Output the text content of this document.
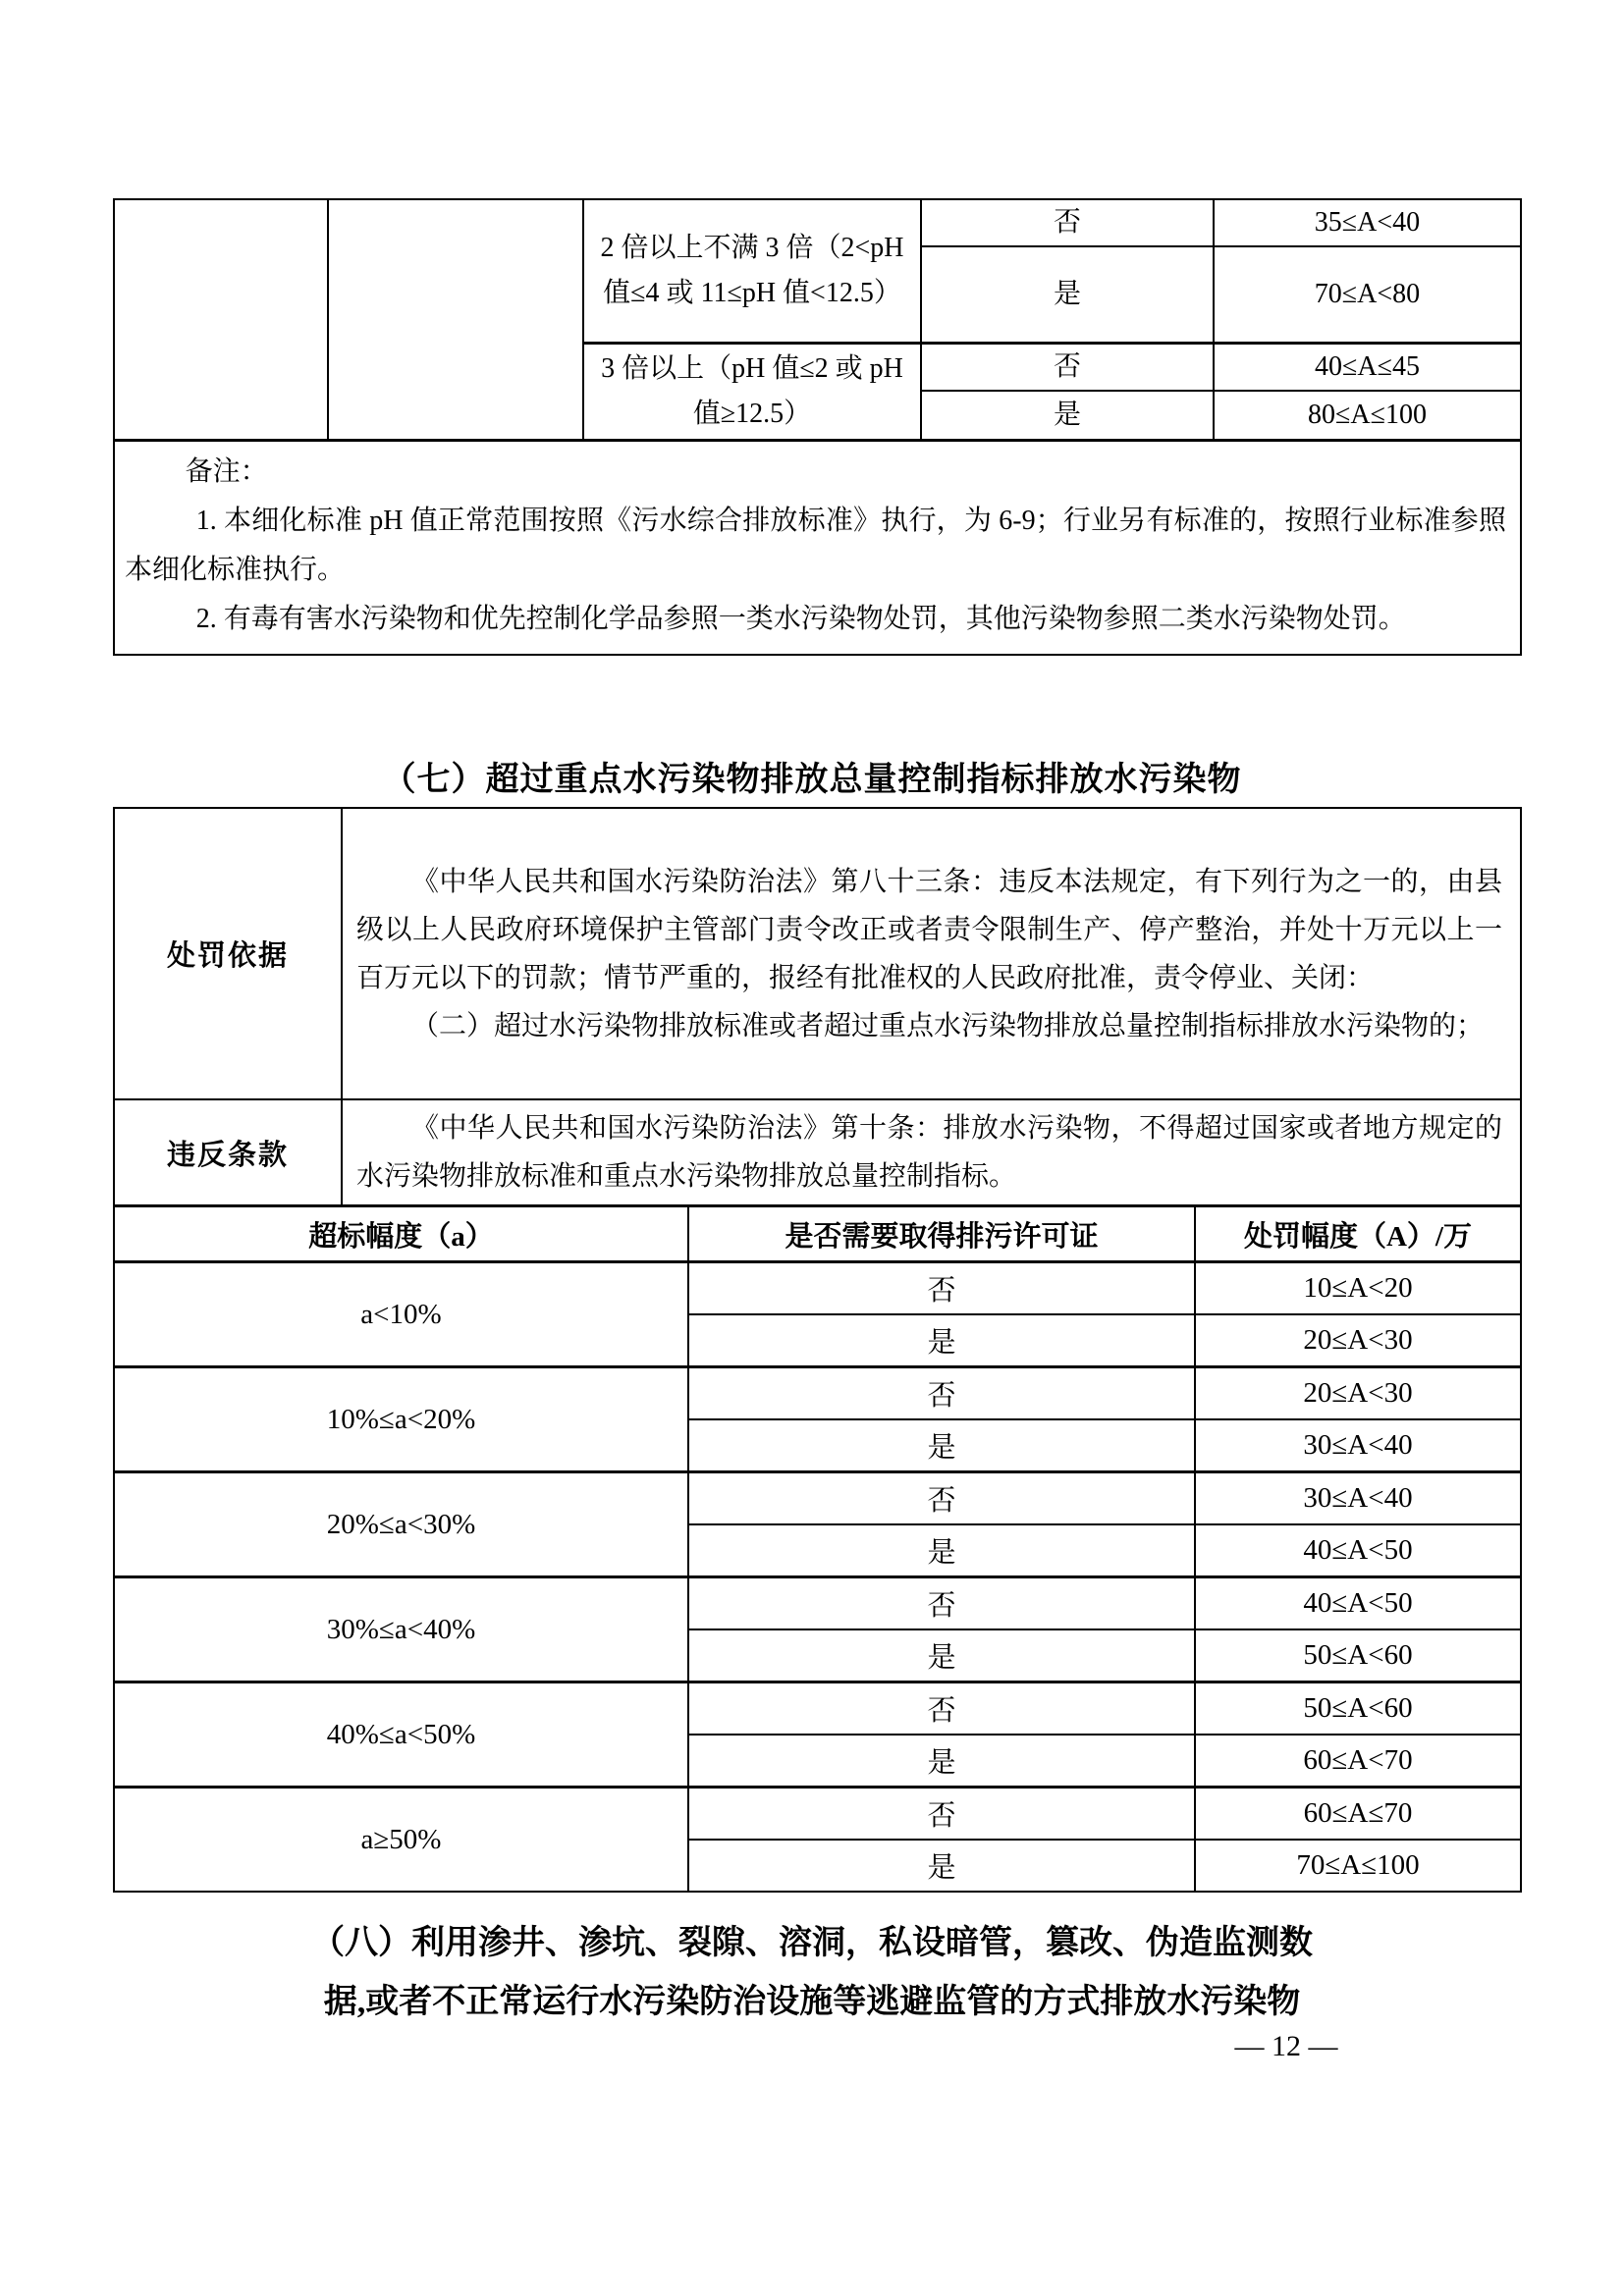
		2 倍以上不满 3 倍（2<pH 值≤4 或 11≤pH 值<12.5）	否	35≤A<40
			是	70≤A<80
		3 倍以上（pH 值≤2 或 pH 值≥12.5）	否	40≤A≤45
			是	80≤A≤100

备注：

1. 本细化标准 pH 值正常范围按照《污水综合排放标准》执行，为 6-9；行业另有标准的，按照行业标准参照本细化标准执行。

2. 有毒有害水污染物和优先控制化学品参照一类水污染物处罚，其他污染物参照二类水污染物处罚。				

（七）超过重点水污染物排放总量控制指标排放水污染物
处罚依据	《中华人民共和国水污染防治法》第八十三条：违反本法规定，有下列行为之一的，由县级以上人民政府环境保护主管部门责令改正或者责令限制生产、停产整治，并处十万元以上一百万元以下的罚款；情节严重的，报经有批准权的人民政府批准，责令停业、关闭：

（二）超过水污染物排放标准或者超过重点水污染物排放总量控制指标排放水污染物的；

违反条款	《中华人民共和国水污染防治法》第十条：排放水污染物，不得超过国家或者地方规定的水污染物排放标准和重点水污染物排放总量控制指标。

超标幅度（a）	是否需要取得排污许可证	处罚幅度（A）/万
a<10%	否	10≤A<20
	是	20≤A<30
10%≤a<20%	否	20≤A<30
	是	30≤A<40
20%≤a<30%	否	30≤A<40
	是	40≤A<50
30%≤a<40%	否	40≤A<50
	是	50≤A<60
40%≤a<50%	否	50≤A<60
	是	60≤A<70
a≥50%	否	60≤A≤70
	是	70≤A≤100
（八）利用渗井、渗坑、裂隙、溶洞，私设暗管，篡改、伪造监测数
据,或者不正常运行水污染防治设施等逃避监管的方式排放水污染物
— 12 —
